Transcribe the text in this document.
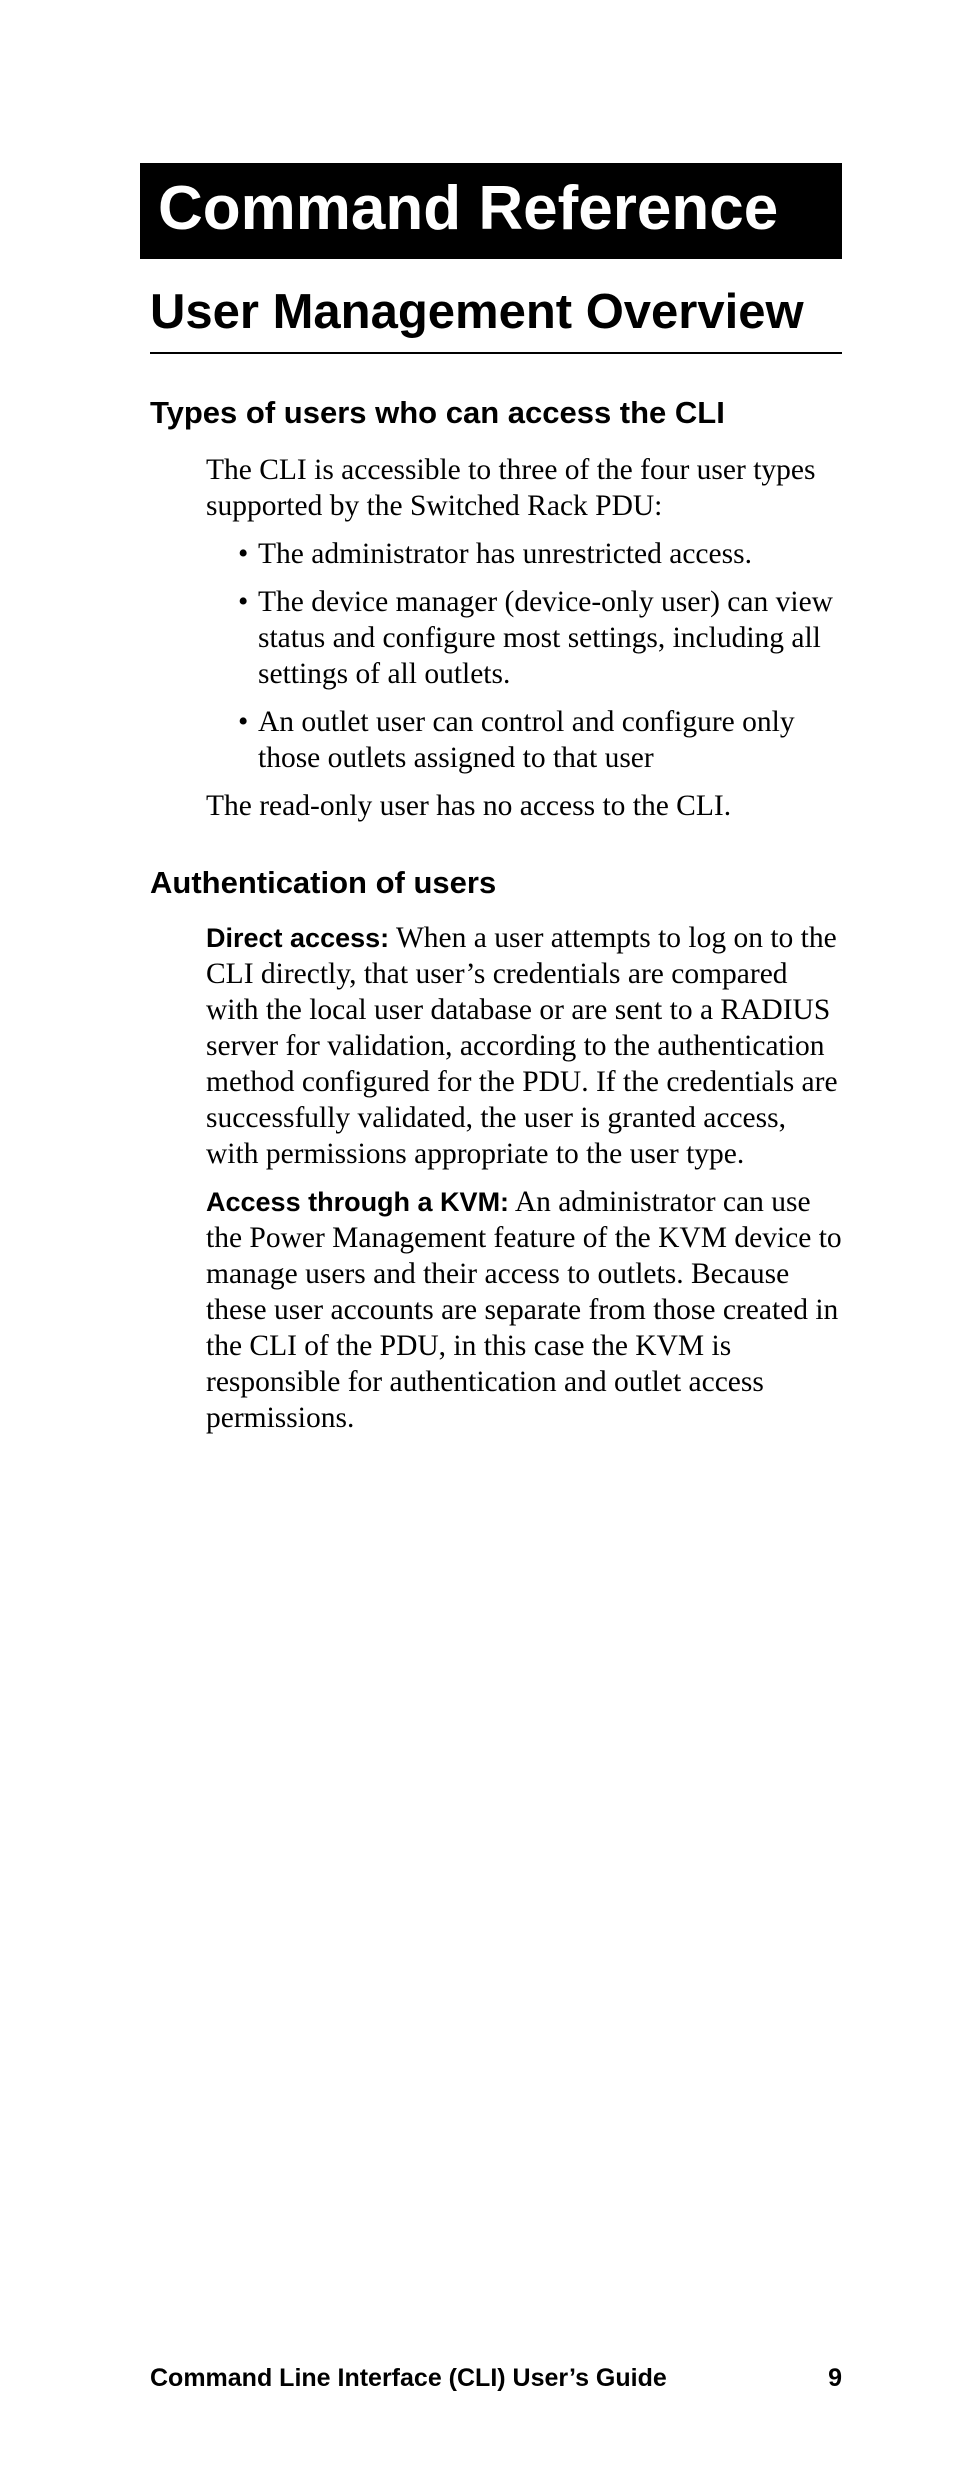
Command Reference
User Management Overview
Types of users who can access the CLI

The CLI is accessible to three of the four user types supported by the Switched Rack PDU:

• The administrator has unrestricted access.
• The device manager (device-only user) can view status and configure most settings, including all settings of all outlets.
• An outlet user can control and configure only those outlets assigned to that user

The read-only user has no access to the CLI.

Authentication of users

Direct access: When a user attempts to log on to the CLI directly, that user’s credentials are compared with the local user database or are sent to a RADIUS server for validation, according to the authentication method configured for the PDU. If the credentials are successfully validated, the user is granted access, with permissions appropriate to the user type.

Access through a KVM: An administrator can use the Power Management feature of the KVM device to manage users and their access to outlets. Because these user accounts are separate from those created in the CLI of the PDU, in this case the KVM is responsible for authentication and outlet access permissions.

Command Line Interface (CLI) User’s Guide	9
